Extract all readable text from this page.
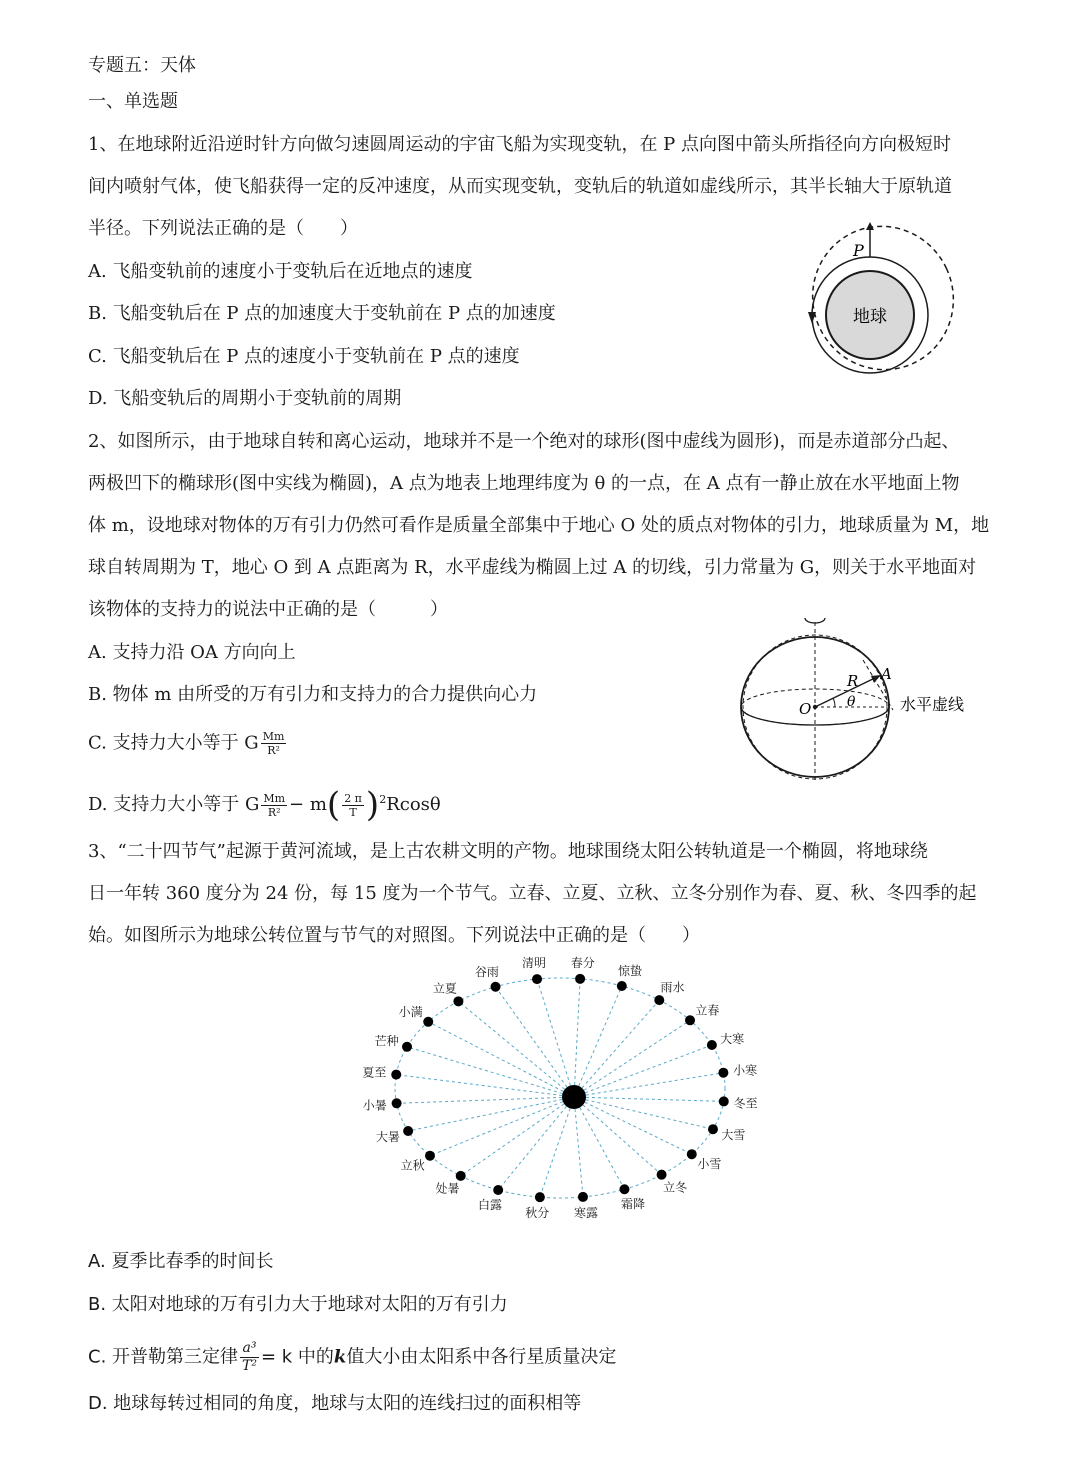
专题五：天体
一、单选题
1、在地球附近沿逆时针方向做匀速圆周运动的宇宙飞船为实现变轨，在 P 点向图中箭头所指径向方向极短时
间内喷射气体，使飞船获得一定的反冲速度，从而实现变轨，变轨后的轨道如虚线所示，其半长轴大于原轨道
半径。下列说法正确的是（　　）
A. 飞船变轨前的速度小于变轨后在近地点的速度
B. 飞船变轨后在 P 点的加速度大于变轨前在 P 点的加速度
C. 飞船变轨后在 P 点的速度小于变轨前在 P 点的速度
D. 飞船变轨后的周期小于变轨前的周期
地球
P
2、如图所示，由于地球自转和离心运动，地球并不是一个绝对的球形(图中虚线为圆形)，而是赤道部分凸起、
两极凹下的椭球形(图中实线为椭圆)，A 点为地表上地理纬度为 θ 的一点，在 A 点有一静止放在水平地面上物
体 m，设地球对物体的万有引力仍然可看作是质量全部集中于地心 O 处的质点对物体的引力，地球质量为 M，地
球自转周期为 T，地心 O 到 A 点距离为 R，水平虚线为椭圆上过 A 的切线，引力常量为 G，则关于水平地面对
该物体的支持力的说法中正确的是（　　　）
A. 支持力沿 OA 方向向上
B. 物体 m 由所受的万有引力和支持力的合力提供向心力
C. 支持力大小等于 G $\frac{Mm}{\text{R²}}$
D. 支持力大小等于 G $\frac{Mm}{\text{R²}} - m( \frac{2 \pi}{T} )^2Rcos\theta$
O
R A
θ	水平虚线
3、“二十四节气”起源于黄河流域，是上古农耕文明的产物。地球围绕太阳公转轨道是一个椭圆，将地球绕
日一年转 360 度分为 24 份，每 15 度为一个节气。立春、立夏、立秋、立冬分别作为春、夏、秋、冬四季的起
始。如图所示为地球公转位置与节气的对照图。下列说法中正确的是（　　）
春分
惊蛰
雨水
立春
大寒
小寒
冬至
大雪
小雪
立冬
霜降
寒露
秋分
白露
处暑
立秋
大暑
小暑
夏至
芒种
小满
立夏
谷雨
清明
A. 夏季比春季的时间长
B. 太阳对地球的万有引力大于地球对太阳的万有引力
C. 开普勒第三定律 $\frac{\text{a³}}{\text{T²}} = k$ 中的k值大小由太阳系中各行星质量决定
D. 地球每转过相同的角度，地球与太阳的连线扫过的面积相等
